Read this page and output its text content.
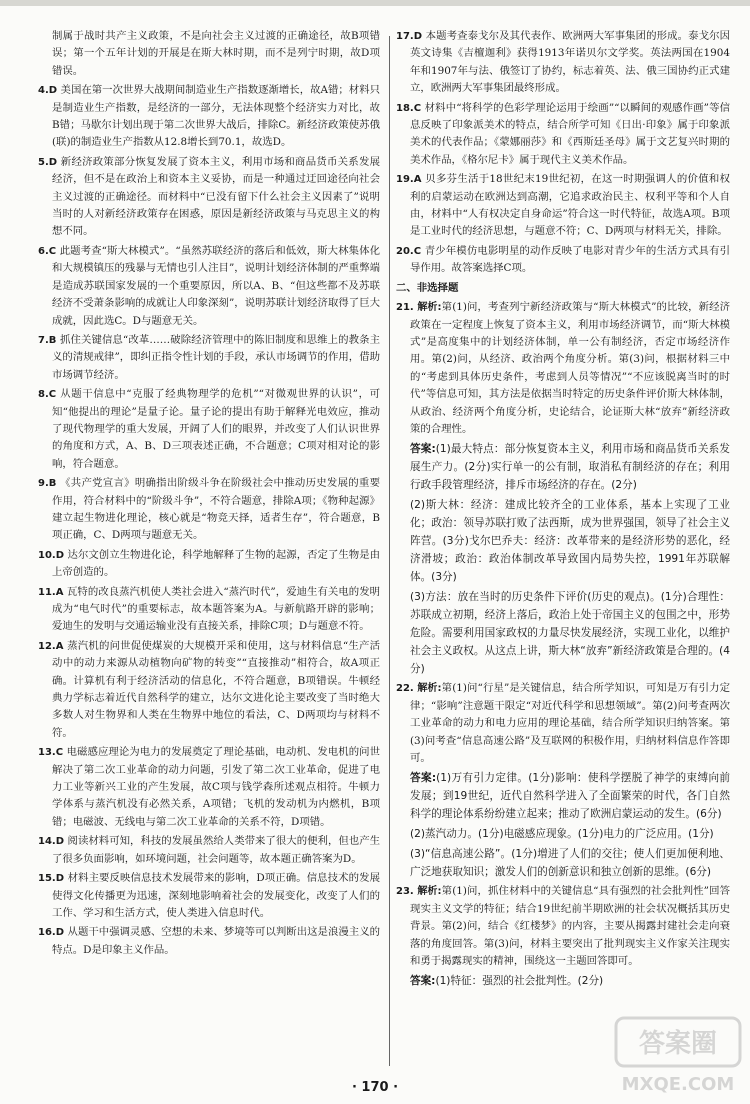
制属于战时共产主义政策，不是向社会主义过渡的正确途径，故B项错误；第一个五年计划的开展是在斯大林时期，而不是列宁时期，故D项错误。

4.D 美国在第一次世界大战期间制造业生产指数逐渐增长，故A错；材料只是制造业生产指数，是经济的一部分，无法体现整个经济实力对比，故B错；马歇尔计划出现于第二次世界大战后，排除C。新经济政策使苏俄(联)的制造业生产指数从12.8增长到70.1，故选D。

5.D 新经济政策部分恢复发展了资本主义，利用市场和商品货币关系发展经济，但不是在政治上和资本主义妥协，而是一种通过迂回途径向社会主义过渡的正确途径。而材料中“已没有留下什么社会主义因素了”说明当时的人对新经济政策存在困惑，原因是新经济政策与马克思主义的构想不同。

6.C 此题考查“斯大林模式”。“虽然苏联经济的落后和低效，斯大林集体化和大规模镇压的残暴与无情也引人注目”，说明计划经济体制的严重弊端是造成苏联国家发展的一个重要原因，所以A、B、“但这些都不及苏联经济不受萧条影响的成就让人印象深刻”，说明苏联计划经济取得了巨大成就，因此选C。D与题意无关。

7.B 抓住关键信息“改革……破除经济管理中的陈旧制度和思维上的教条主义的清规戒律”，即纠正指令性计划的手段，承认市场调节的作用，借助市场调节经济。

8.C 从题干信息中“克服了经典物理学的危机”“对微观世界的认识”，可知“他提出的理论”是量子论。量子论的提出有助于解释光电效应，推动了现代物理学的重大发展，开阔了人们的眼界，并改变了人们认识世界的角度和方式，A、B、D三项表述正确，不合题意；C项对相对论的影响，符合题意。

9.B 《共产党宣言》明确指出阶级斗争在阶级社会中推动历史发展的重要作用，符合材料中的“阶级斗争”，不符合题意，排除A项；《物种起源》建立起生物进化理论，核心就是“物竞天择，适者生存”，符合题意，B项正确，C、D两项与题意无关。

10.D 达尔文创立生物进化论，科学地解释了生物的起源，否定了生物是由上帝创造的。

11.A 瓦特的改良蒸汽机使人类社会进入“蒸汽时代”，爱迪生有关电的发明成为“电气时代”的重要标志，故本题答案为A。与新航路开辟的影响；爱迪生的发明与交通运输业没有直接关系，排除C项；D与题意不符。

12.A 蒸汽机的问世促使煤炭的大规模开采和使用，这与材料信息“生产活动中的动力来源从动植物向矿物的转变”“直接推动”相符合，故A项正确。计算机有利于经济活动的信息化，不符合题意，B项错误。牛顿经典力学标志着近代自然科学的建立，达尔文进化论主要改变了当时绝大多数人对生物界和人类在生物界中地位的看法，C、D两项均与材料不符。

13.C 电磁感应理论为电力的发展奠定了理论基础，电动机、发电机的问世解决了第二次工业革命的动力问题，引发了第二次工业革命，促进了电力工业等新兴工业的产生发展，故C项与钱学森所述观点相符。牛顿力学体系与蒸汽机没有必然关系，A项错；飞机的发动机为内燃机，B项错；电磁波、无线电与第二次工业革命的关系不符，D项错。

14.D 阅读材料可知，科技的发展虽然给人类带来了很大的便利，但也产生了很多负面影响，如环境问题，社会问题等，故本题正确答案为D。

15.D 材料主要反映信息技术发展带来的影响，D项正确。信息技术的发展使得文化传播更为迅速，深刻地影响着社会的发展变化，改变了人们的工作、学习和生活方式，使人类进入信息时代。

16.D 从题干中强调灵感、空想的未来、梦境等可以判断出这是浪漫主义的特点。D是印象主义作品。

17.D 本题考查泰戈尔及其代表作、欧洲两大军事集团的形成。泰戈尔因英文诗集《吉檀迦利》获得1913年诺贝尔文学奖。英法两国在1904年和1907年与法、俄签订了协约，标志着英、法、俄三国协约正式建立，欧洲两大军事集团最终形成。

18.C 材料中“将科学的色彩学理论运用于绘画”“以瞬间的观感作画”等信息反映了印象派美术的特点，结合所学可知《日出·印象》属于印象派美术的代表作品；《蒙娜丽莎》和《西斯廷圣母》属于文艺复兴时期的美术作品，《格尔尼卡》属于现代主义美术作品。

19.A 贝多芬生活于18世纪末19世纪初，在这一时期强调人的价值和权利的启蒙运动在欧洲达到高潮，它追求政治民主、权利平等和个人自由，材料中“人有权决定自身命运”符合这一时代特征，故选A项。B项是工业时代的经济思想，与题意不符；C、D两项与材料无关，排除。

20.C 青少年模仿电影明星的动作反映了电影对青少年的生活方式具有引导作用。故答案选择C项。

二、非选择题

21. 解析:第(1)问，考查列宁新经济政策与“斯大林模式”的比较，新经济政策在一定程度上恢复了资本主义，利用市场经济调节，而“斯大林模式”是高度集中的计划经济体制，单一公有制经济，否定市场经济作用。第(2)问，从经济、政治两个角度分析。第(3)问，根据材料三中的“考虑到具体历史条件，考虑到人员等情况”“不应该脱离当时的时代”等信息可知，其方法是依据当时特定的历史条件评价斯大林体制，从政治、经济两个角度分析，史论结合，论证斯大林“放弃”新经济政策的合理性。

答案:(1)最大特点：部分恢复资本主义，利用市场和商品货币关系发展生产力。(2分)实行单一的公有制，取消私有制经济的存在；利用行政手段管理经济，排斥市场经济的存在。(2分)

(2)斯大林：经济：建成比较齐全的工业体系，基本上实现了工业化；政治：领导苏联打败了法西斯，成为世界强国，领导了社会主义阵营。(3分)戈尔巴乔夫：经济：改革带来的是经济形势的恶化，经济滑坡；政治：政治体制改革导致国内局势失控，1991年苏联解体。(3分)

(3)方法：放在当时的历史条件下评价(历史的观点)。(1分)合理性：苏联成立初期，经济上落后，政治上处于帝国主义的包围之中，形势危险。需要利用国家政权的力量尽快发展经济，实现工业化，以维护社会主义政权。从这点上讲，斯大林“放弃”新经济政策是合理的。(4分)

22. 解析:第(1)问“行星”是关键信息，结合所学知识，可知是万有引力定律；“影响”注意题干限定“对近代科学和思想领域”。第(2)问考查两次工业革命的动力和电力应用的理论基础，结合所学知识归纳答案。第(3)问考查“信息高速公路”及互联网的积极作用，归纳材料信息作答即可。

答案:(1)万有引力定律。(1分)影响：使科学摆脱了神学的束缚向前发展；到19世纪，近代自然科学进入了全面繁荣的时代，各门自然科学的理论体系纷纷建立起来；推动了欧洲启蒙运动的发生。(6分)

(2)蒸汽动力。(1分)电磁感应现象。(1分)电力的广泛应用。(1分)

(3)“信息高速公路”。(1分)增进了人们的交往；使人们更加便利地、广泛地获取知识；激发人们的创新意识和独立创新的思维。(6分)

23. 解析:第(1)问，抓住材料中的关键信息“具有强烈的社会批判性”回答现实主义文学的特征；结合19世纪前半期欧洲的社会状况概括其历史背景。第(2)问，结合《红楼梦》的内容，主要从揭露封建社会走向衰落的角度回答。第(3)问，材料主要突出了批判现实主义作家关注现实和勇于揭露现实的精神，围绕这一主题回答即可。

答案:(1)特征：强烈的社会批判性。(2分)

· 170 ·
答案圈
MXQE.COM
